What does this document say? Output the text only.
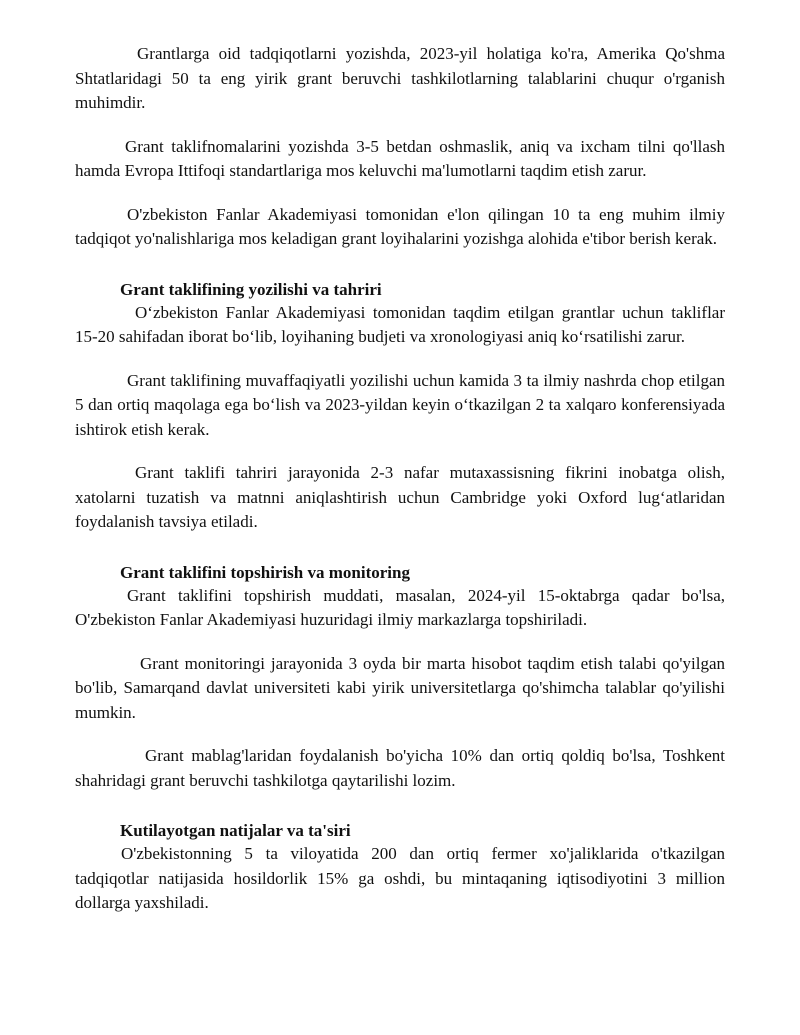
Grantlarga oid tadqiqotlarni yozishda, 2023-yil holatiga ko'ra, Amerika Qo'shma Shtatlaridagi 50 ta eng yirik grant beruvchi tashkilotlarning talablarini chuqur o'rganish muhimdir.

Grant taklifnomalarini yozishda 3-5 betdan oshmaslik, aniq va ixcham tilni qo'llash hamda Evropa Ittifoqi standartlariga mos keluvchi ma'lumotlarni taqdim etish zarur.

O'zbekiston Fanlar Akademiyasi tomonidan e'lon qilingan 10 ta eng muhim ilmiy tadqiqot yo'nalishlariga mos keladigan grant loyihalarini yozishga alohida e'tibor berish kerak.

Grant taklifining yozilishi va tahriri

O‘zbekiston Fanlar Akademiyasi tomonidan taqdim etilgan grantlar uchun takliflar 15-20 sahifadan iborat bo‘lib, loyihaning budjeti va xronologiyasi aniq ko‘rsatilishi zarur.

Grant taklifining muvaffaqiyatli yozilishi uchun kamida 3 ta ilmiy nashrda chop etilgan 5 dan ortiq maqolaga ega bo‘lish va 2023-yildan keyin o‘tkazilgan 2 ta xalqaro konferensiyada ishtirok etish kerak.

Grant taklifi tahriri jarayonida 2-3 nafar mutaxassisning fikrini inobatga olish, xatolarni tuzatish va matnni aniqlashtirish uchun Cambridge yoki Oxford lug‘atlaridan foydalanish tavsiya etiladi.

Grant taklifini topshirish va monitoring

Grant taklifini topshirish muddati, masalan, 2024-yil 15-oktabrga qadar bo'lsa, O'zbekiston Fanlar Akademiyasi huzuridagi ilmiy markazlarga topshiriladi.

Grant monitoringi jarayonida 3 oyda bir marta hisobot taqdim etish talabi qo'yilgan bo'lib, Samarqand davlat universiteti kabi yirik universitetlarga qo'shimcha talablar qo'yilishi mumkin.

Grant mablag'laridan foydalanish bo'yicha 10% dan ortiq qoldiq bo'lsa, Toshkent shahridagi grant beruvchi tashkilotga qaytarilishi lozim.

Kutilayotgan natijalar va ta'siri

O'zbekistonning 5 ta viloyatida 200 dan ortiq fermer xo'jaliklarida o'tkazilgan tadqiqotlar natijasida hosildorlik 15% ga oshdi, bu mintaqaning iqtisodiyotini 3 million dollarga yaxshiladi.
